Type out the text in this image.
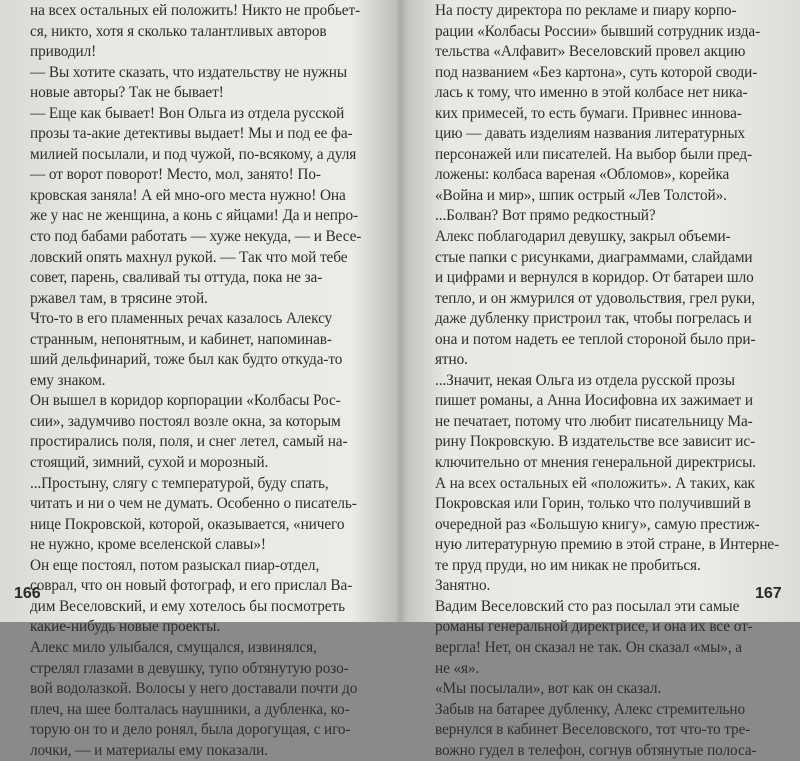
на всех остальных ей положить! Никто не пробьет-
ся, никто, хотя я сколько талантливых авторов
приводил!
— Вы хотите сказать, что издательству не нужны
новые авторы? Так не бывает!
— Еще как бывает! Вон Ольга из отдела русской
прозы та-акие детективы выдает! Мы и под ее фа-
милией посылали, и под чужой, по-всякому, а дуля
— от ворот поворот! Место, мол, занято! По-
кровская заняла! А ей мно-ого места нужно! Она
же у нас не женщина, а конь с яйцами! Да и непро-
сто под бабами работать — хуже некуда, — и Весе-
ловский опять махнул рукой. — Так что мой тебе
совет, парень, сваливай ты оттуда, пока не за-
ржавел там, в трясине этой.
Что-то в его пламенных речах казалось Алексу
странным, непонятным, и кабинет, напоминав-
ший дельфинарий, тоже был как будто откуда-то
ему знаком.
Он вышел в коридор корпорации «Колбасы Рос-
сии», задумчиво постоял возле окна, за которым
простирались поля, поля, и снег летел, самый на-
стоящий, зимний, сухой и морозный.
...Простыну, слягу с температурой, буду спать,
читать и ни о чем не думать. Особенно о писатель-
нице Покровской, которой, оказывается, «ничего
не нужно, кроме вселенской славы»!
Он еще постоял, потом разыскал пиар-отдел,
соврал, что он новый фотограф, и его прислал Ва-
дим Веселовский, и ему хотелось бы посмотреть
какие-нибудь новые проекты.
Алекс мило улыбался, смущался, извинялся,
стрелял глазами в девушку, тупо обтянутую розо-
вой водолазкой. Волосы у него доставали почти до
плеч, на шее болталась наушники, а дубленка, ко-
торую он то и дело ронял, была дорогущая, с иго-
лочки, — и материалы ему показали.
166
На посту директора по рекламе и пиару корпо-
рации «Колбасы России» бывший сотрудник изда-
тельства «Алфавит» Веселовский провел акцию
под названием «Без картона», суть которой своди-
лась к тому, что именно в этой колбасе нет ника-
ких примесей, то есть бумаги. Привнес иннова-
цию — давать изделиям названия литературных
персонажей или писателей. На выбор были пред-
ложены: колбаса вареная «Обломов», корейка
«Война и мир», шпик острый «Лев Толстой».
...Болван? Вот прямо редкостный?
Алекс поблагодарил девушку, закрыл объеми-
стые папки с рисунками, диаграммами, слайдами
и цифрами и вернулся в коридор. От батареи шло
тепло, и он жмурился от удовольствия, грел руки,
даже дубленку пристроил так, чтобы погрелась и
она и потом надеть ее теплой стороной было при-
ятно.
...Значит, некая Ольга из отдела русской прозы
пишет романы, а Анна Иосифовна их зажимает и
не печатает, потому что любит писательницу Ма-
рину Покровскую. В издательстве все зависит ис-
ключительно от мнения генеральной директрисы.
А на всех остальных ей «положить». А таких, как
Покровская или Горин, только что получивший в
очередной раз «Большую книгу», самую престиж-
ную литературную премию в этой стране, в Интерне-
те пруд пруди, но им никак не пробиться.
Занятно.
Вадим Веселовский сто раз посылал эти самые
романы генеральной директрисе, и она их все от-
вергла! Нет, он сказал не так. Он сказал «мы», а
не «я».
«Мы посылали», вот как он сказал.
Забыв на батарее дубленку, Алекс стремительно
вернулся в кабинет Веселовского, тот что-то тре-
вожно гудел в телефон, согнув обтянутые полоса-
167
